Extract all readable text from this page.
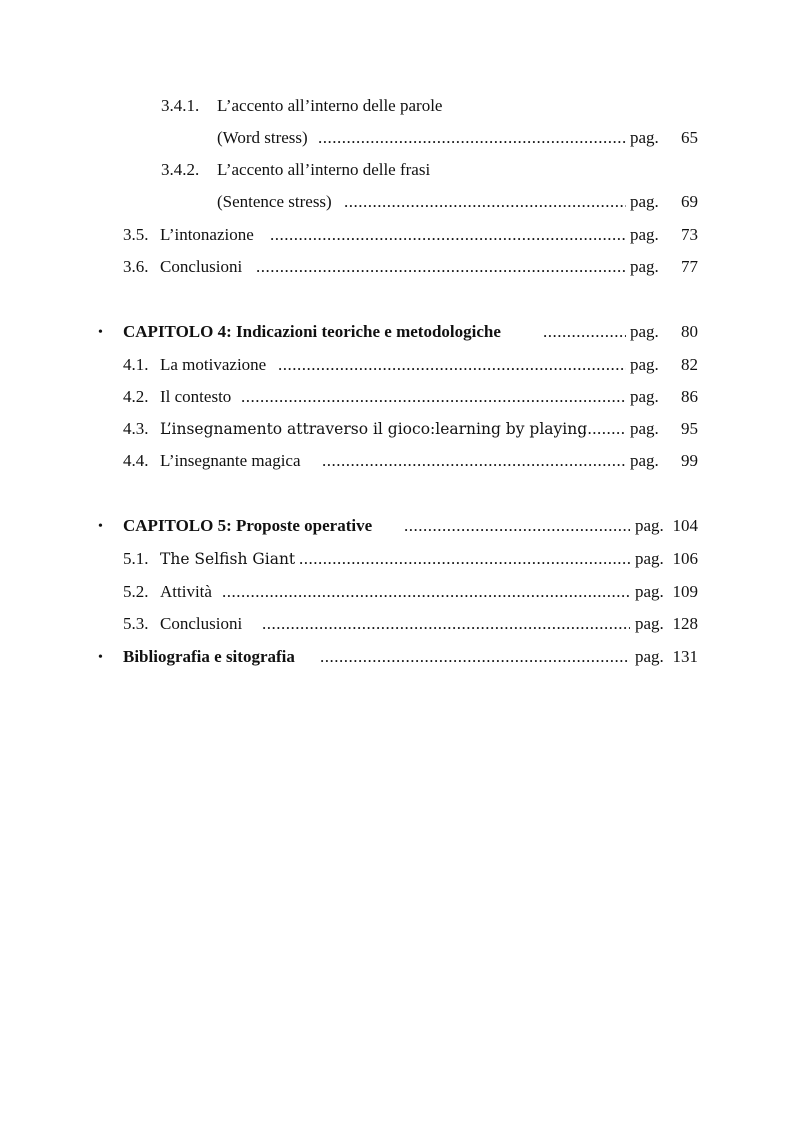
3.4.1. L’accento all’interno delle parole
(Word stress) .....	pag. 65
3.4.2. L’accento all’interno delle frasi
(Sentence stress) .....	pag. 69
3.5. L’intonazione .....	pag. 73
3.6. Conclusioni .....	pag. 77
• CAPITOLO 4: Indicazioni teoriche e metodologiche .....	pag. 80
4.1. La motivazione .....	pag. 82
4.2. Il contesto .....	pag. 86
4.3. L’insegnamento attraverso il gioco:learning by playing .....	pag. 95
4.4. L’insegnante magica .....	pag. 99
• CAPITOLO 5: Proposte operative .....	pag. 104
5.1. The Selfish Giant .....	pag. 106
5.2. Attività .....	pag. 109
5.3. Conclusioni .....	pag. 128
• Bibliografia e sitografia .....	pag. 131
